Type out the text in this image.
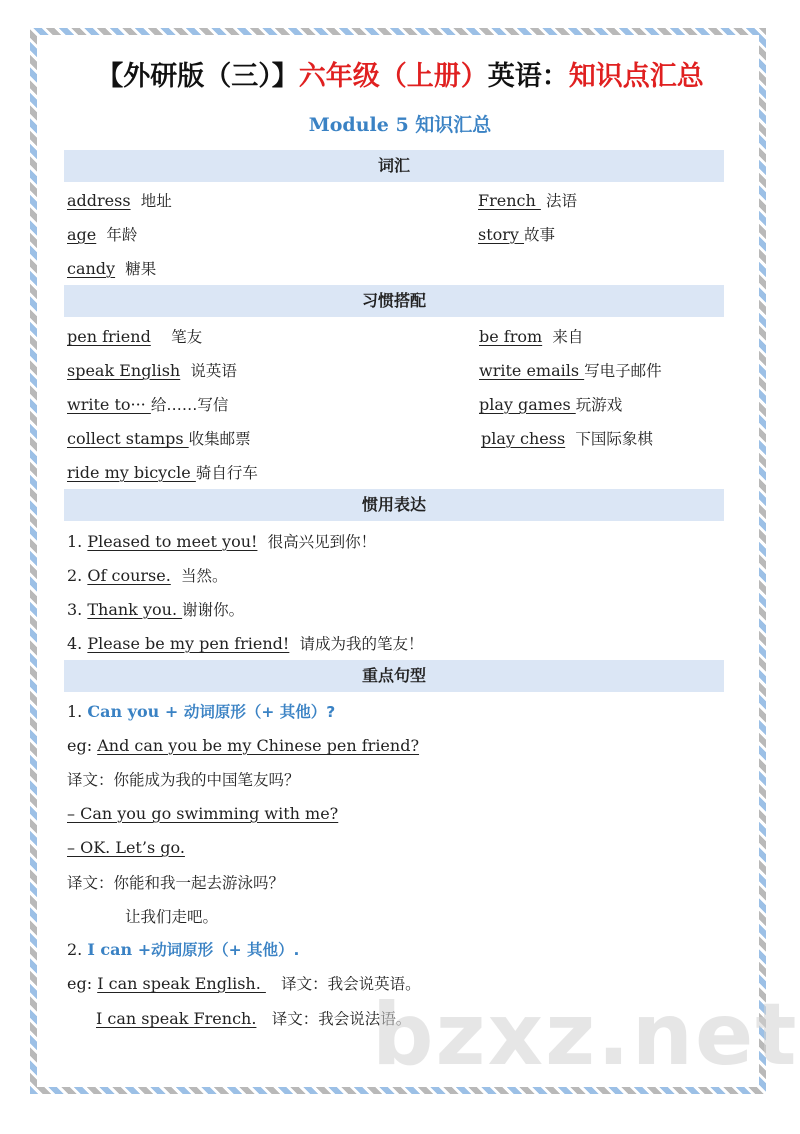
【外研版（三）】六年级（上册）英语：知识点汇总
Module 5 知识汇总
词汇
address 地址
age 年龄
candy 糖果
French  法语
story 故事
习惯搭配
pen friend 笔友
speak English 说英语
write to··· 给……写信
collect stamps 收集邮票
ride my bicycle 骑自行车
be from 来自
write emails 写电子邮件
play games 玩游戏
play chess 下国际象棋
惯用表达
1. Pleased to meet you! 很高兴见到你！
2. Of course. 当然。
3. Thank you. 谢谢你。
4. Please be my pen friend! 请成为我的笔友！
重点句型
1. Can you + 动词原形（+ 其他）?
eg: And can you be my Chinese pen friend?
译文：你能成为我的中国笔友吗？
– Can you go swimming with me?
– OK. Let’s go.
译文：你能和我一起去游泳吗？
让我们走吧。
2. I can +动词原形（+ 其他）.
eg: I can speak English.    译文：我会说英语。
I can speak French. 译文：我会说法语。
bzxz.net
